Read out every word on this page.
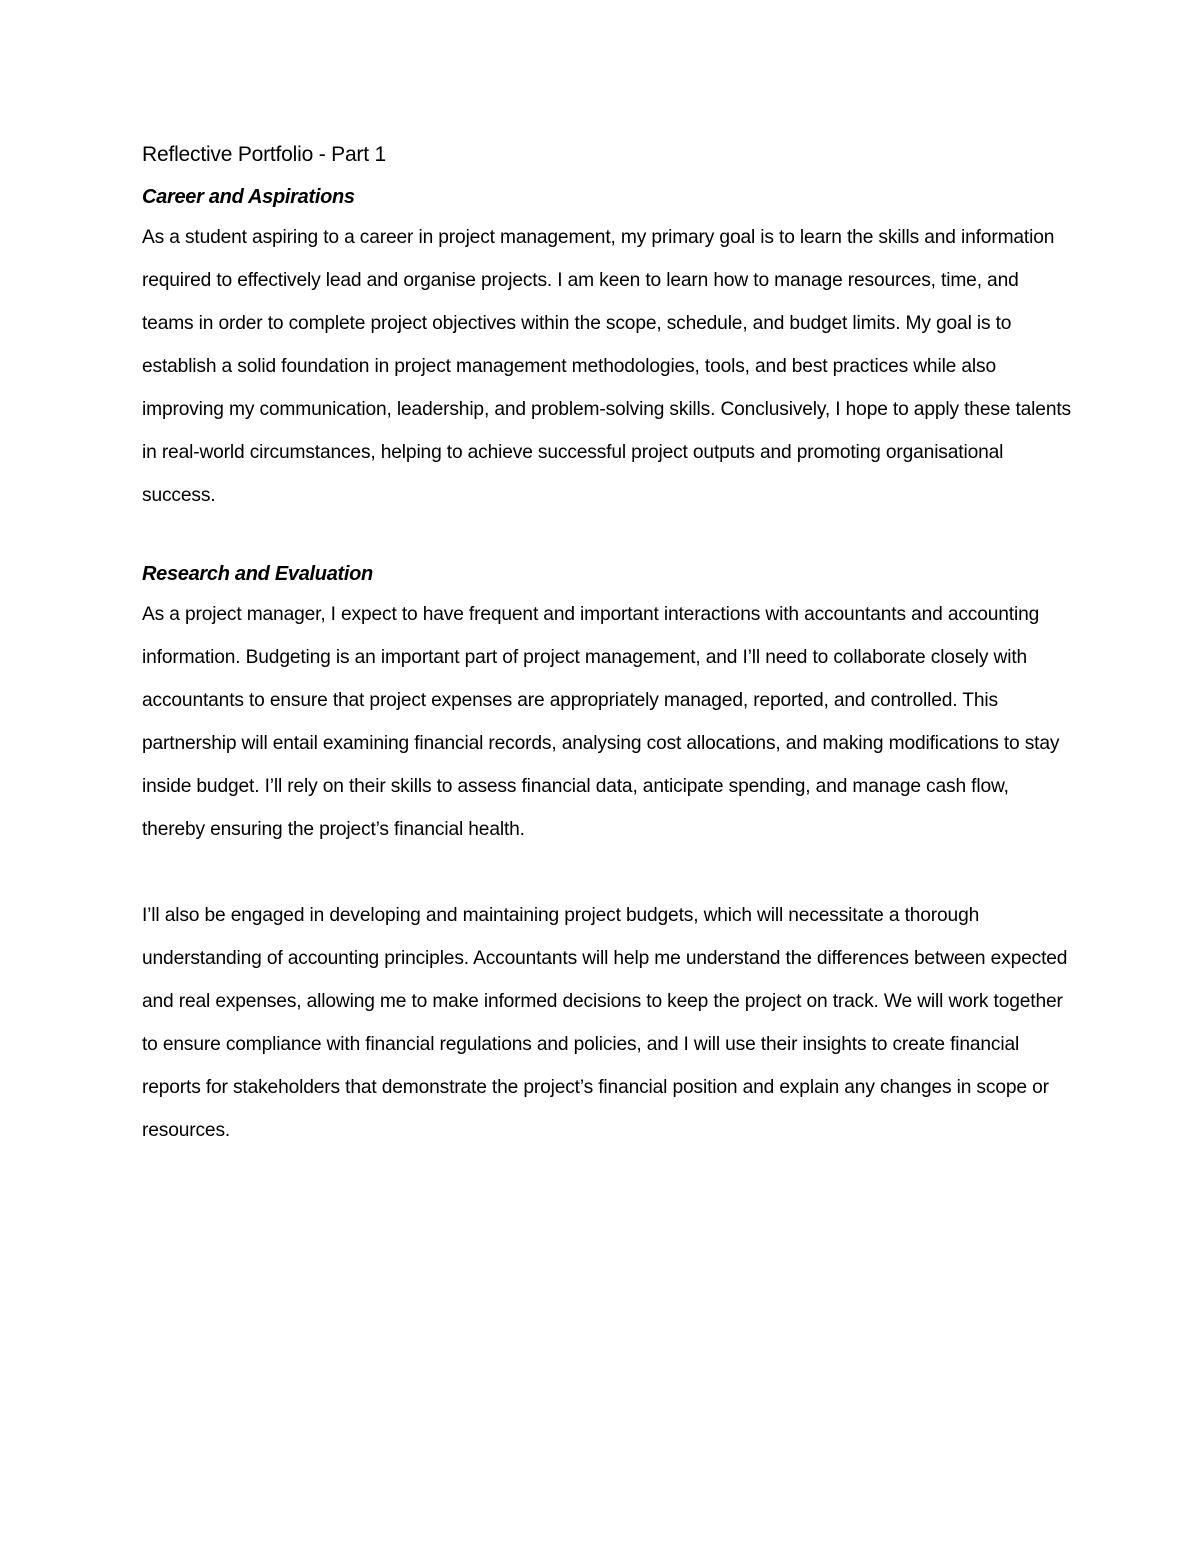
Reflective Portfolio - Part 1
Career and Aspirations

As a student aspiring to a career in project management, my primary goal is to learn the skills and information required to effectively lead and organise projects. I am keen to learn how to manage resources, time, and teams in order to complete project objectives within the scope, schedule, and budget limits. My goal is to establish a solid foundation in project management methodologies, tools, and best practices while also improving my communication, leadership, and problem-solving skills. Conclusively, I hope to apply these talents in real-world circumstances, helping to achieve successful project outputs and promoting organisational success.

Research and Evaluation

As a project manager, I expect to have frequent and important interactions with accountants and accounting information. Budgeting is an important part of project management, and I’ll need to collaborate closely with accountants to ensure that project expenses are appropriately managed, reported, and controlled. This partnership will entail examining financial records, analysing cost allocations, and making modifications to stay inside budget. I’ll rely on their skills to assess financial data, anticipate spending, and manage cash flow, thereby ensuring the project’s financial health.

I’ll also be engaged in developing and maintaining project budgets, which will necessitate a thorough understanding of accounting principles. Accountants will help me understand the differences between expected and real expenses, allowing me to make informed decisions to keep the project on track. We will work together to ensure compliance with financial regulations and policies, and I will use their insights to create financial reports for stakeholders that demonstrate the project’s financial position and explain any changes in scope or resources.
